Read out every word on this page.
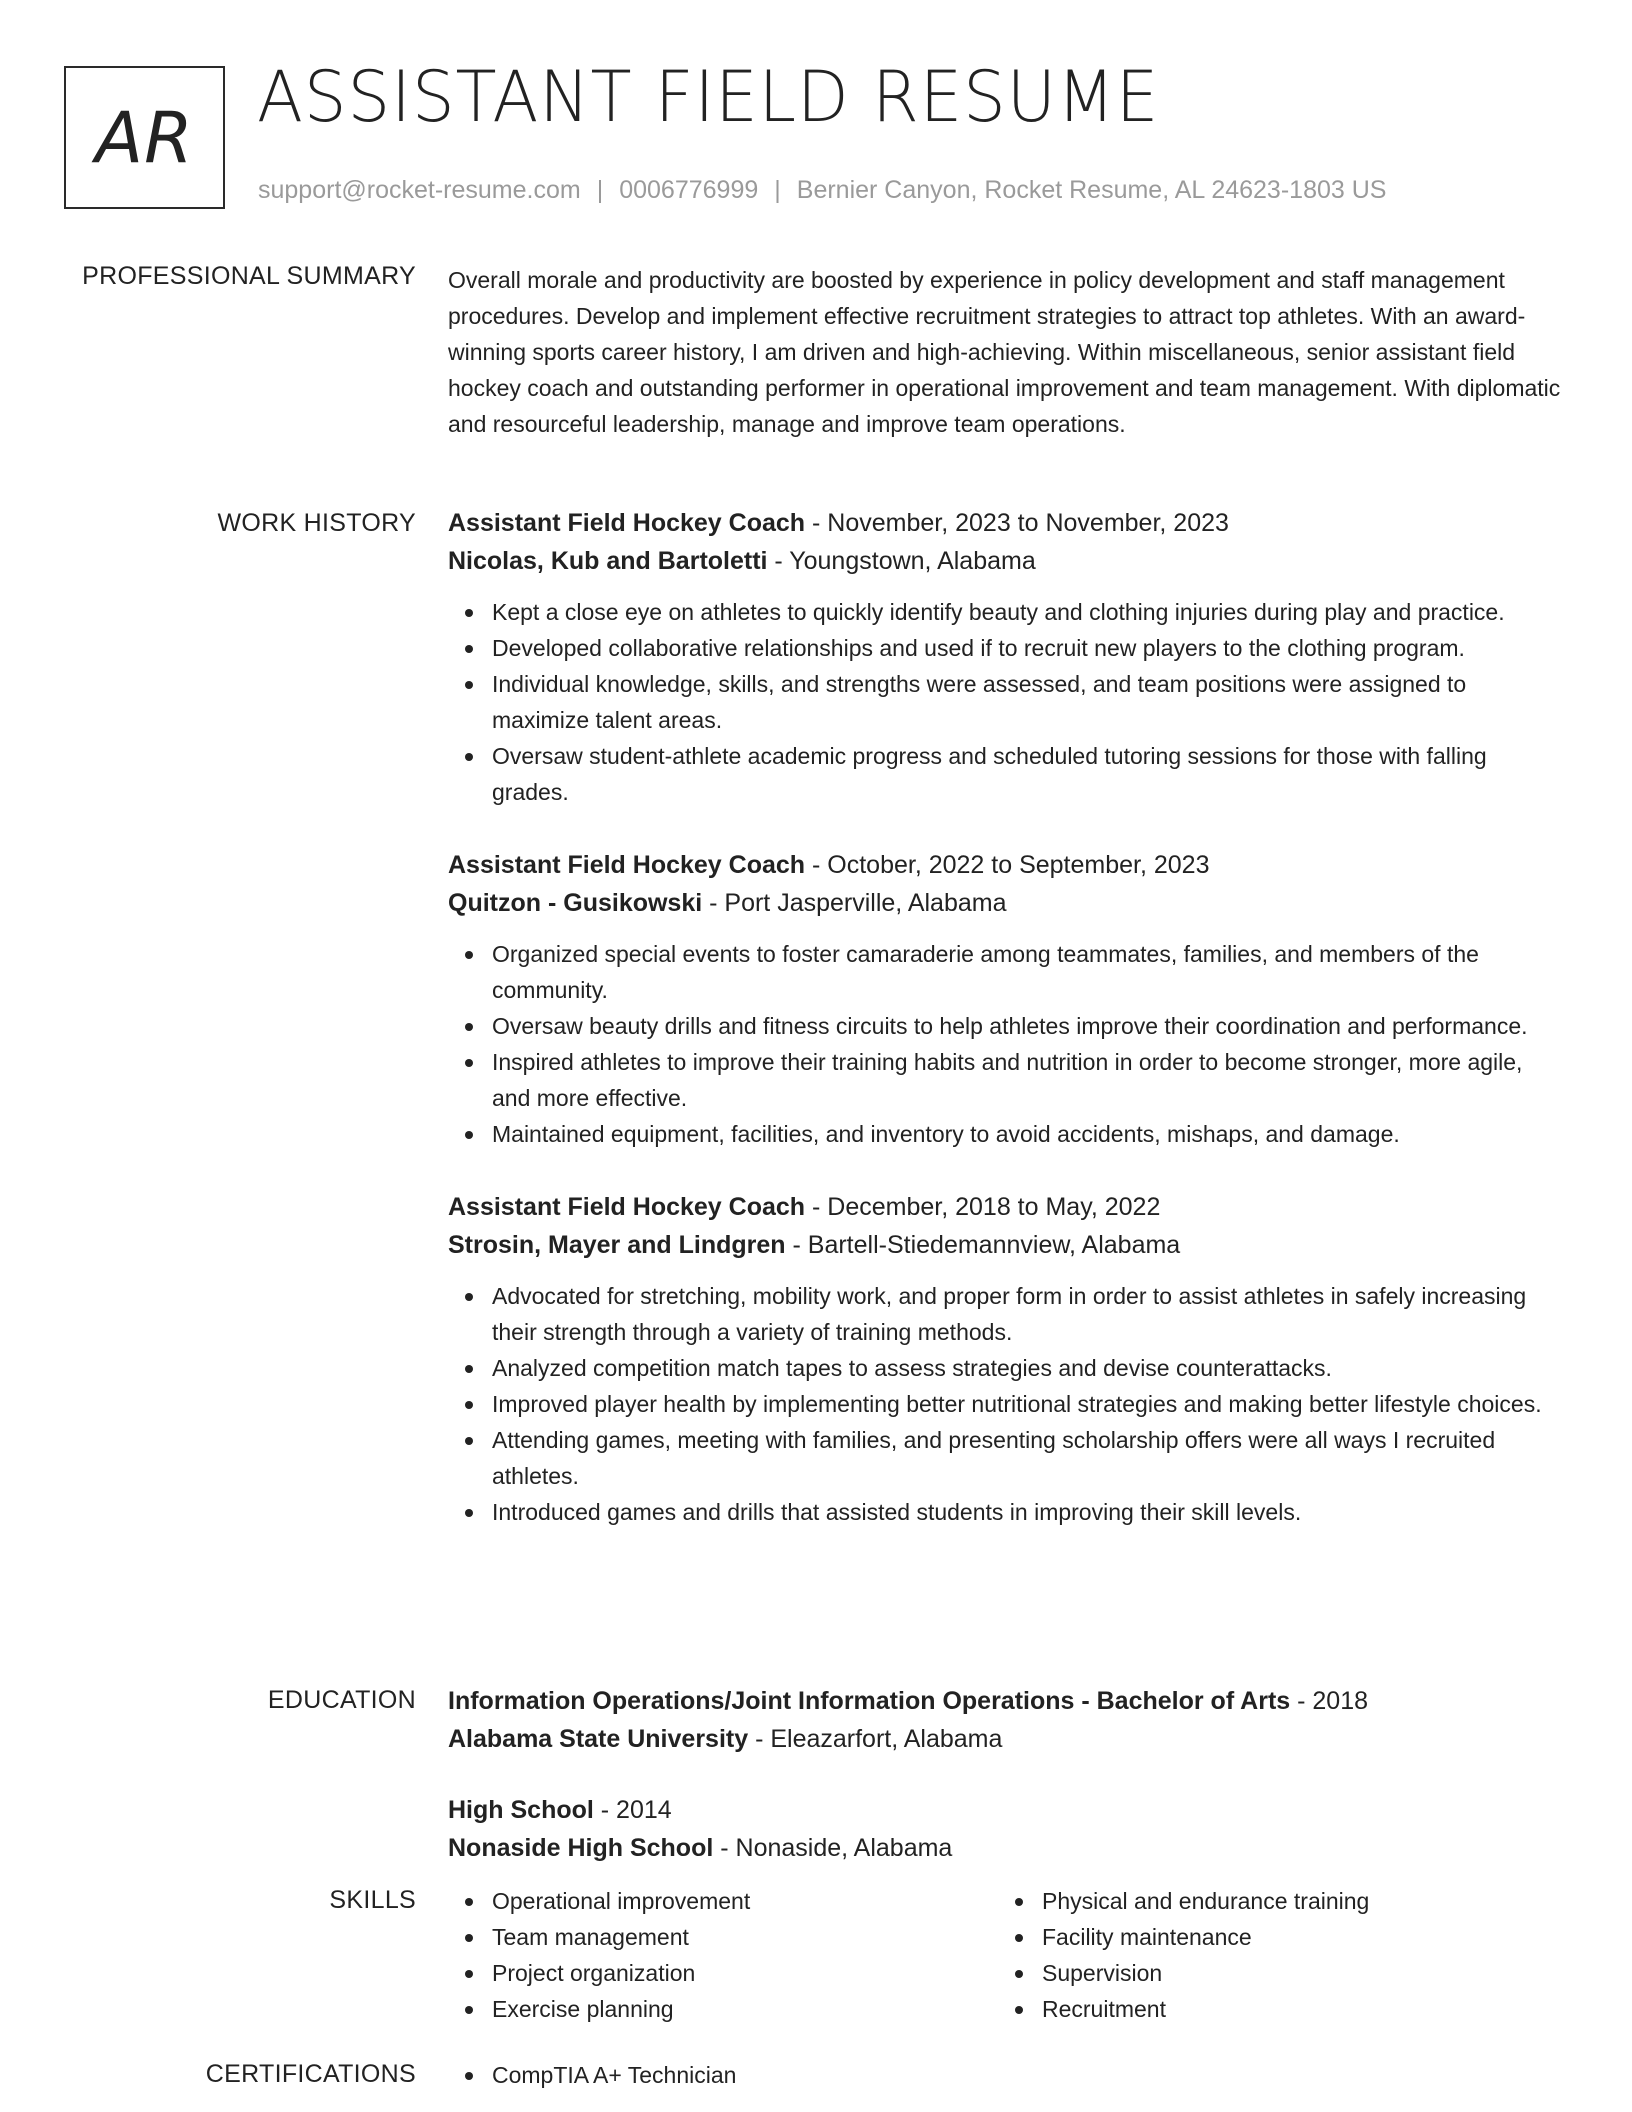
AR ASSISTANT FIELD RESUME
support@rocket-resume.com | 0006776999 | Bernier Canyon, Rocket Resume, AL 24623-1803 US
PROFESSIONAL SUMMARY Overall morale and productivity are boosted by experience in policy development and staff management procedures. Develop and implement effective recruitment strategies to attract top athletes. With an award-winning sports career history, I am driven and high-achieving. Within miscellaneous, senior assistant field hockey coach and outstanding performer in operational improvement and team management. With diplomatic and resourceful leadership, manage and improve team operations.
WORK HISTORY Assistant Field Hockey Coach - November, 2023 to November, 2023
Nicolas, Kub and Bartoletti - Youngstown, Alabama
Kept a close eye on athletes to quickly identify beauty and clothing injuries during play and practice.
Developed collaborative relationships and used if to recruit new players to the clothing program.
Individual knowledge, skills, and strengths were assessed, and team positions were assigned to maximize talent areas.
Oversaw student-athlete academic progress and scheduled tutoring sessions for those with falling grades.
Assistant Field Hockey Coach - October, 2022 to September, 2023
Quitzon - Gusikowski - Port Jasperville, Alabama
Organized special events to foster camaraderie among teammates, families, and members of the community.
Oversaw beauty drills and fitness circuits to help athletes improve their coordination and performance.
Inspired athletes to improve their training habits and nutrition in order to become stronger, more agile, and more effective.
Maintained equipment, facilities, and inventory to avoid accidents, mishaps, and damage.
Assistant Field Hockey Coach - December, 2018 to May, 2022
Strosin, Mayer and Lindgren - Bartell-Stiedemannview, Alabama
Advocated for stretching, mobility work, and proper form in order to assist athletes in safely increasing their strength through a variety of training methods.
Analyzed competition match tapes to assess strategies and devise counterattacks.
Improved player health by implementing better nutritional strategies and making better lifestyle choices.
Attending games, meeting with families, and presenting scholarship offers were all ways I recruited athletes.
Introduced games and drills that assisted students in improving their skill levels.
EDUCATION Information Operations/Joint Information Operations - Bachelor of Arts - 2018
Alabama State University - Eleazarfort, Alabama
High School - 2014
Nonaside High School - Nonaside, Alabama
SKILLS	Operational improvement
Team management
Project organization
Exercise planning
Physical and endurance training
Facility maintenance
Supervision
Recruitment
CERTIFICATIONS	CompTIA A+ Technician
